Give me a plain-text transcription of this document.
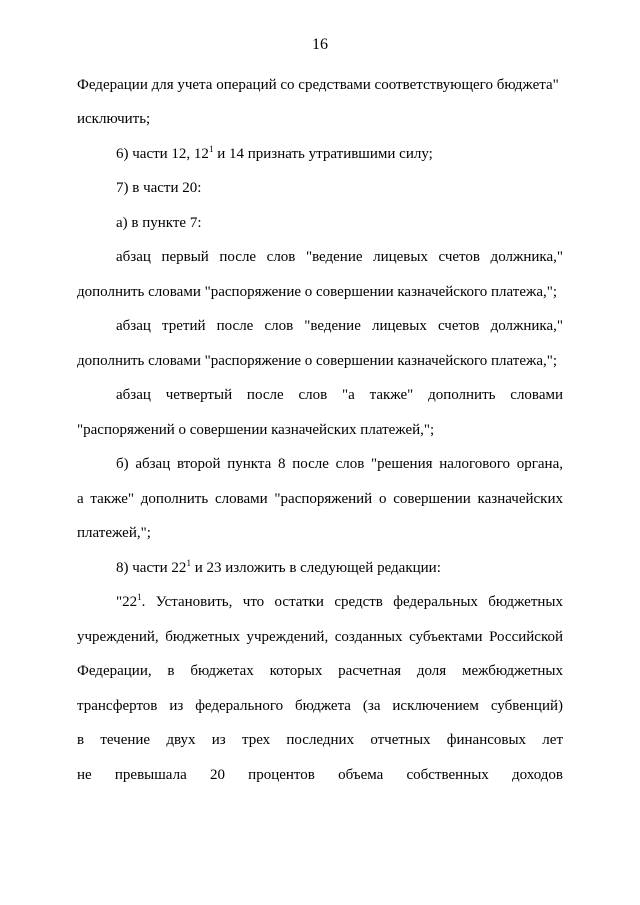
16
Федерации для учета операций со средствами соответствующего бюджета"
исключить;
6) части 12, $12^1$ и 14 признать утратившими силу;
7) в части 20:
а) в пункте 7:
абзац первый после слов "ведение лицевых счетов должника,"
дополнить словами "распоряжение о совершении казначейского платежа,";
абзац третий после слов "ведение лицевых счетов должника,"
дополнить словами "распоряжение о совершении казначейского платежа,";
абзац четвертый после слов "а также" дополнить словами
"распоряжений о совершении казначейских платежей,";
б) абзац второй пункта 8 после слов "решения налогового органа,
а также" дополнить словами "распоряжений о совершении казначейских
платежей,";
8) части $22^1$ и 23 изложить в следующей редакции:
"$22^1$. Установить, что остатки средств федеральных бюджетных
учреждений, бюджетных учреждений, созданных субъектами Российской
Федерации, в бюджетах которых расчетная доля межбюджетных
трансфертов из федерального бюджета (за исключением субвенций)
в течение двух из трех последних отчетных финансовых лет
не превышала 20 процентов объема собственных доходов
